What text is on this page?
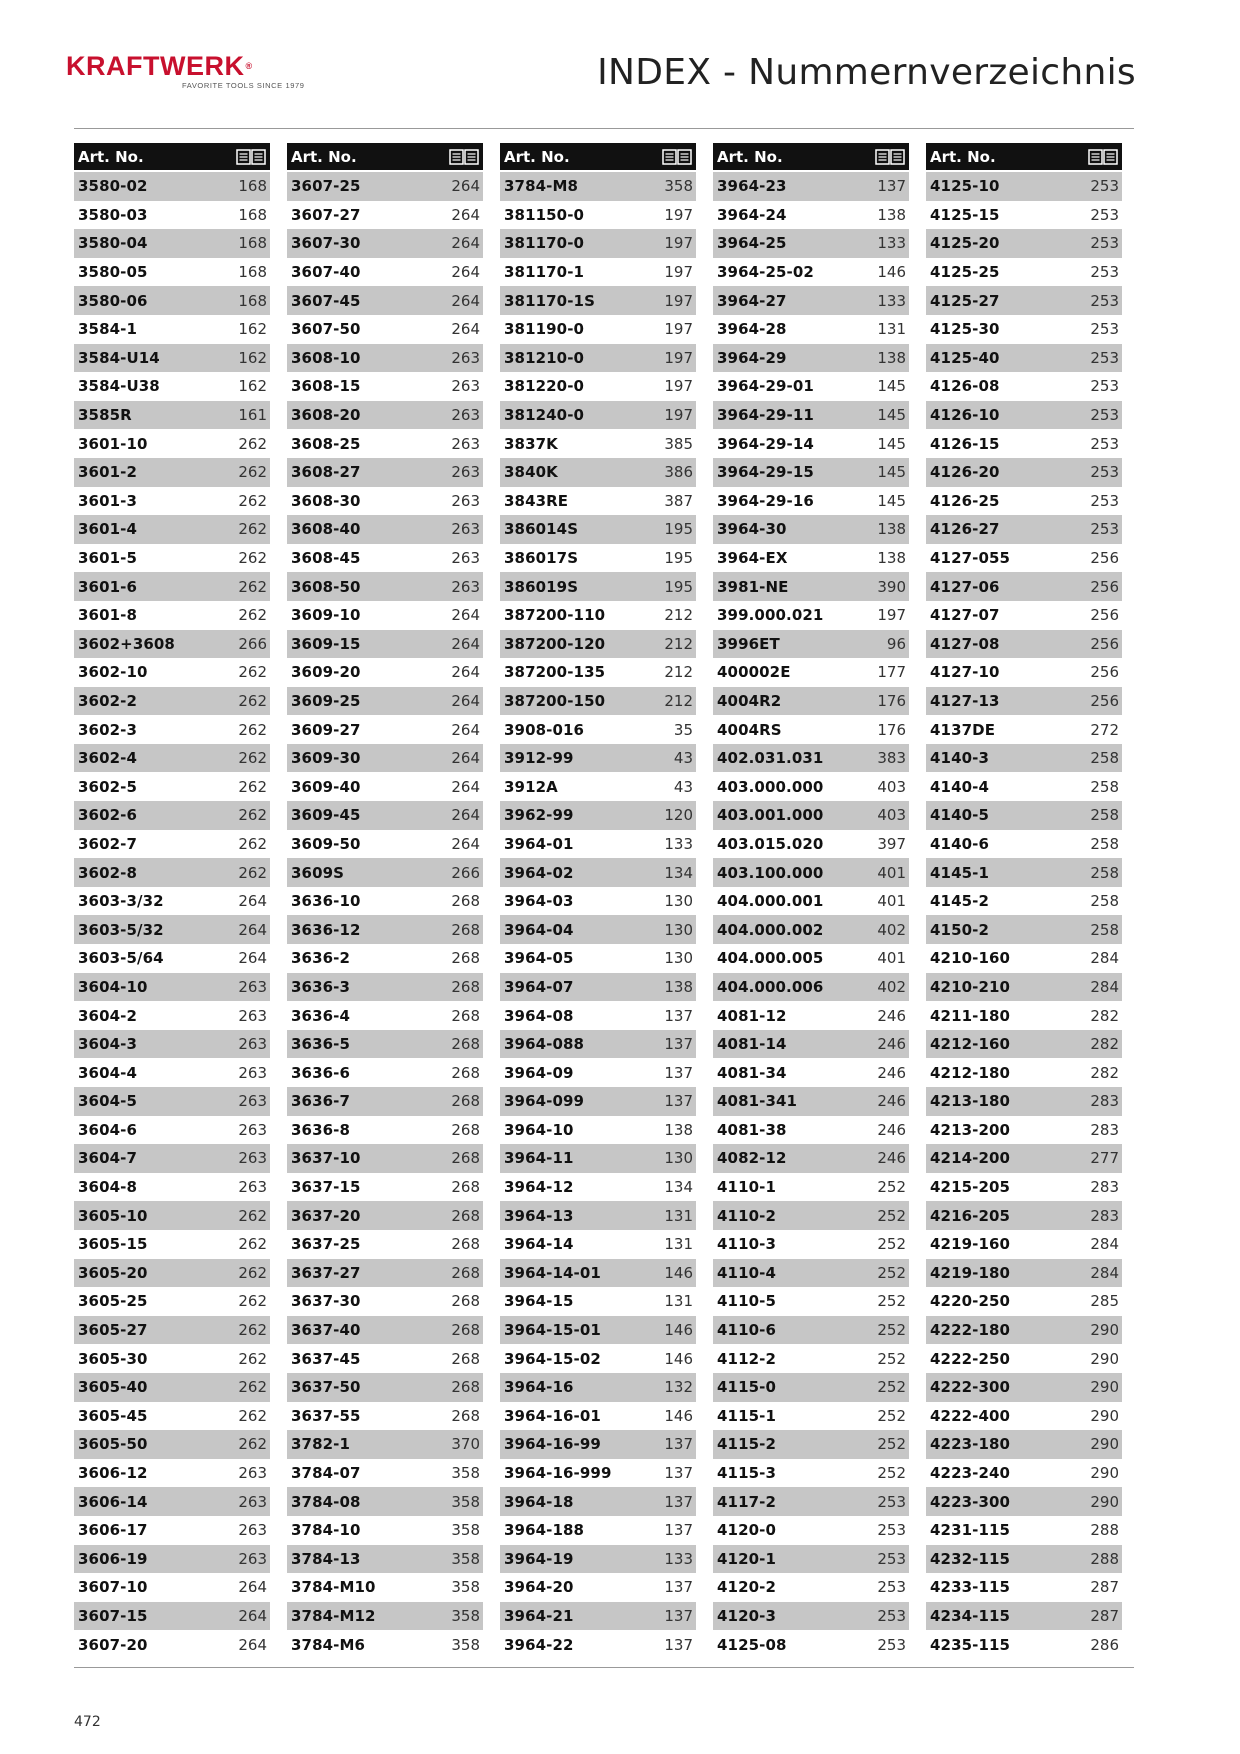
KRAFTWERK®
FAVORITE TOOLS SINCE 1979	INDEX - Nummernverzeichnis
Art. No.
3580-02	168
3580-03	168
3580-04	168
3580-05	168
3580-06	168
3584-1	162
3584-U14	162
3584-U38	162
3585R	161
3601-10	262
3601-2	262
3601-3	262
3601-4	262
3601-5	262
3601-6	262
3601-8	262
3602+3608	266
3602-10	262
3602-2	262
3602-3	262
3602-4	262
3602-5	262
3602-6	262
3602-7	262
3602-8	262
3603-3/32	264
3603-5/32	264
3603-5/64	264
3604-10	263
3604-2	263
3604-3	263
3604-4	263
3604-5	263
3604-6	263
3604-7	263
3604-8	263
3605-10	262
3605-15	262
3605-20	262
3605-25	262
3605-27	262
3605-30	262
3605-40	262
3605-45	262
3605-50	262
3606-12	263
3606-14	263
3606-17	263
3606-19	263
3607-10	264
3607-15	264
3607-20	264
Art. No.
3607-25	264
3607-27	264
3607-30	264
3607-40	264
3607-45	264
3607-50	264
3608-10	263
3608-15	263
3608-20	263
3608-25	263
3608-27	263
3608-30	263
3608-40	263
3608-45	263
3608-50	263
3609-10	264
3609-15	264
3609-20	264
3609-25	264
3609-27	264
3609-30	264
3609-40	264
3609-45	264
3609-50	264
3609S	266
3636-10	268
3636-12	268
3636-2	268
3636-3	268
3636-4	268
3636-5	268
3636-6	268
3636-7	268
3636-8	268
3637-10	268
3637-15	268
3637-20	268
3637-25	268
3637-27	268
3637-30	268
3637-40	268
3637-45	268
3637-50	268
3637-55	268
3782-1	370
3784-07	358
3784-08	358
3784-10	358
3784-13	358
3784-M10	358
3784-M12	358
3784-M6	358
Art. No.
3784-M8	358
381150-0	197
381170-0	197
381170-1	197
381170-1S	197
381190-0	197
381210-0	197
381220-0	197
381240-0	197
3837K	385
3840K	386
3843RE	387
386014S	195
386017S	195
386019S	195
387200-110	212
387200-120	212
387200-135	212
387200-150	212
3908-016	35
3912-99	43
3912A	43
3962-99	120
3964-01	133
3964-02	134
3964-03	130
3964-04	130
3964-05	130
3964-07	138
3964-08	137
3964-088	137
3964-09	137
3964-099	137
3964-10	138
3964-11	130
3964-12	134
3964-13	131
3964-14	131
3964-14-01	146
3964-15	131
3964-15-01	146
3964-15-02	146
3964-16	132
3964-16-01	146
3964-16-99	137
3964-16-999	137
3964-18	137
3964-188	137
3964-19	133
3964-20	137
3964-21	137
3964-22	137
Art. No.
3964-23	137
3964-24	138
3964-25	133
3964-25-02	146
3964-27	133
3964-28	131
3964-29	138
3964-29-01	145
3964-29-11	145
3964-29-14	145
3964-29-15	145
3964-29-16	145
3964-30	138
3964-EX	138
3981-NE	390
399.000.021	197
3996ET	96
400002E	177
4004R2	176
4004RS	176
402.031.031	383
403.000.000	403
403.001.000	403
403.015.020	397
403.100.000	401
404.000.001	401
404.000.002	402
404.000.005	401
404.000.006	402
4081-12	246
4081-14	246
4081-34	246
4081-341	246
4081-38	246
4082-12	246
4110-1	252
4110-2	252
4110-3	252
4110-4	252
4110-5	252
4110-6	252
4112-2	252
4115-0	252
4115-1	252
4115-2	252
4115-3	252
4117-2	253
4120-0	253
4120-1	253
4120-2	253
4120-3	253
4125-08	253
Art. No.
4125-10	253
4125-15	253
4125-20	253
4125-25	253
4125-27	253
4125-30	253
4125-40	253
4126-08	253
4126-10	253
4126-15	253
4126-20	253
4126-25	253
4126-27	253
4127-055	256
4127-06	256
4127-07	256
4127-08	256
4127-10	256
4127-13	256
4137DE	272
4140-3	258
4140-4	258
4140-5	258
4140-6	258
4145-1	258
4145-2	258
4150-2	258
4210-160	284
4210-210	284
4211-180	282
4212-160	282
4212-180	282
4213-180	283
4213-200	283
4214-200	277
4215-205	283
4216-205	283
4219-160	284
4219-180	284
4220-250	285
4222-180	290
4222-250	290
4222-300	290
4222-400	290
4223-180	290
4223-240	290
4223-300	290
4231-115	288
4232-115	288
4233-115	287
4234-115	287
4235-115	286
472
